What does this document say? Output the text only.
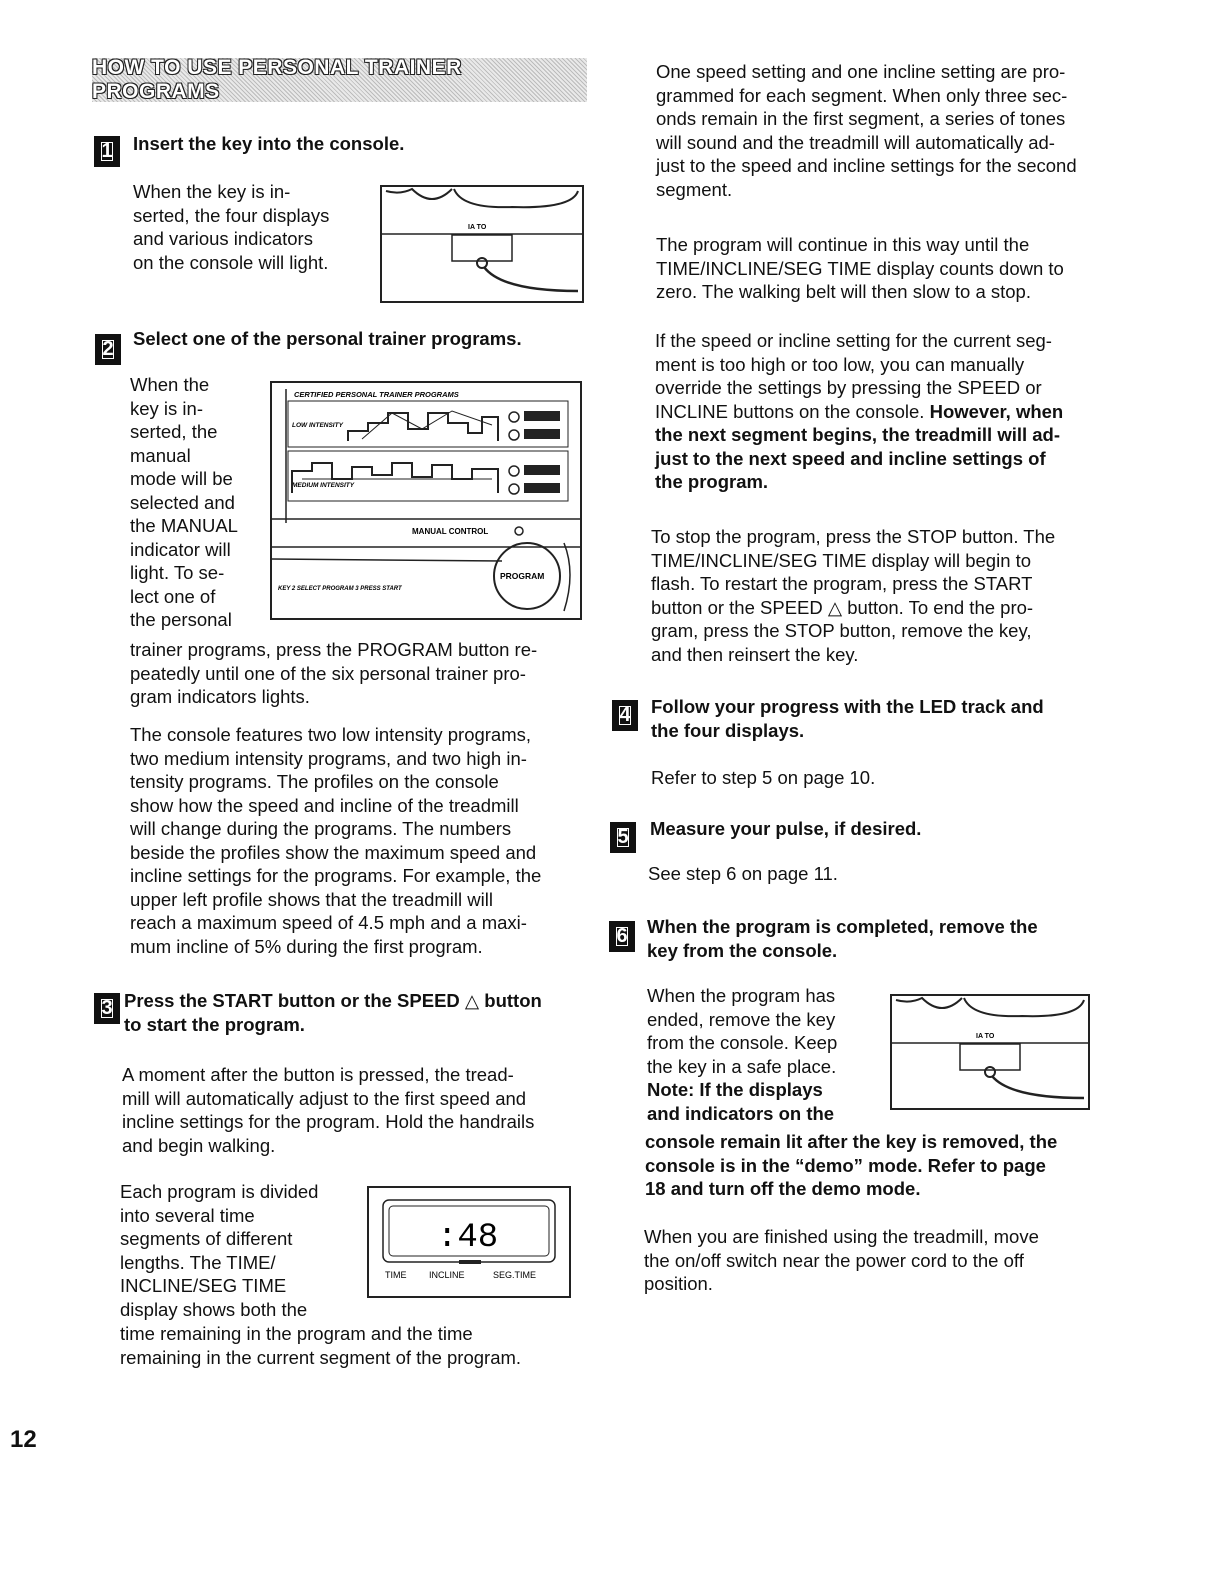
HOW TO USE PERSONAL TRAINER PROGRAMS
1 Insert the key into the console.

When the key is in-

serted, the four displays

and various indicators

on the console will light.

IA TO
2 Select one of the personal trainer programs.

When the

key is in-

serted, the

manual

mode will be

selected and

the MANUAL

indicator will

light. To se-

lect one of

the personal

CERTIFIED PERSONAL TRAINER PROGRAMS
LOW INTENSITY
MEDIUM INTENSITY
MANUAL CONTROL
PROGRAM
KEY 2 SELECT PROGRAM 3 PRESS START

trainer programs, press the PROGRAM button re-

peatedly until one of the six personal trainer pro-

gram indicators lights.

The console features two low intensity programs,

two medium intensity programs, and two high in-

tensity programs. The profiles on the console

show how the speed and incline of the treadmill

will change during the programs. The numbers

beside the profiles show the maximum speed and

incline settings for the programs. For example, the

upper left profile shows that the treadmill will

reach a maximum speed of 4.5 mph and a maxi-

mum incline of 5% during the first program.

3 Press the START button or the SPEED △ button
to start the program.

A moment after the button is pressed, the tread-

mill will automatically adjust to the first speed and

incline settings for the program. Hold the handrails

and begin walking.

Each program is divided

into several time

segments of different

lengths. The TIME/

INCLINE/SEG TIME

display shows both the

:48
TIME	INCLINE	SEG.TIME

time remaining in the program and the time

remaining in the current segment of the program.

One speed setting and one incline setting are pro-

grammed for each segment. When only three sec-

onds remain in the first segment, a series of tones

will sound and the treadmill will automatically ad-

just to the speed and incline settings for the second

segment.

The program will continue in this way until the

TIME/INCLINE/SEG TIME display counts down to

zero. The walking belt will then slow to a stop.

If the speed or incline setting for the current seg-

ment is too high or too low, you can manually

override the settings by pressing the SPEED or

INCLINE buttons on the console. However, when

the next segment begins, the treadmill will ad-

just to the next speed and incline settings of

the program.

To stop the program, press the STOP button. The

TIME/INCLINE/SEG TIME display will begin to

flash. To restart the program, press the START

button or the SPEED △ button. To end the pro-

gram, press the STOP button, remove the key,

and then reinsert the key.

4 Follow your progress with the LED track and
the four displays.

Refer to step 5 on page 10.

5 Measure your pulse, if desired.

See step 6 on page 11.

6 When the program is completed, remove the
key from the console.

When the program has

ended, remove the key

from the console. Keep

the key in a safe place.

Note: If the displays

and indicators on the

IA TO

console remain lit after the key is removed, the

console is in the “demo” mode. Refer to page

18 and turn off the demo mode.

When you are finished using the treadmill, move

the on/off switch near the power cord to the off

position.

12
